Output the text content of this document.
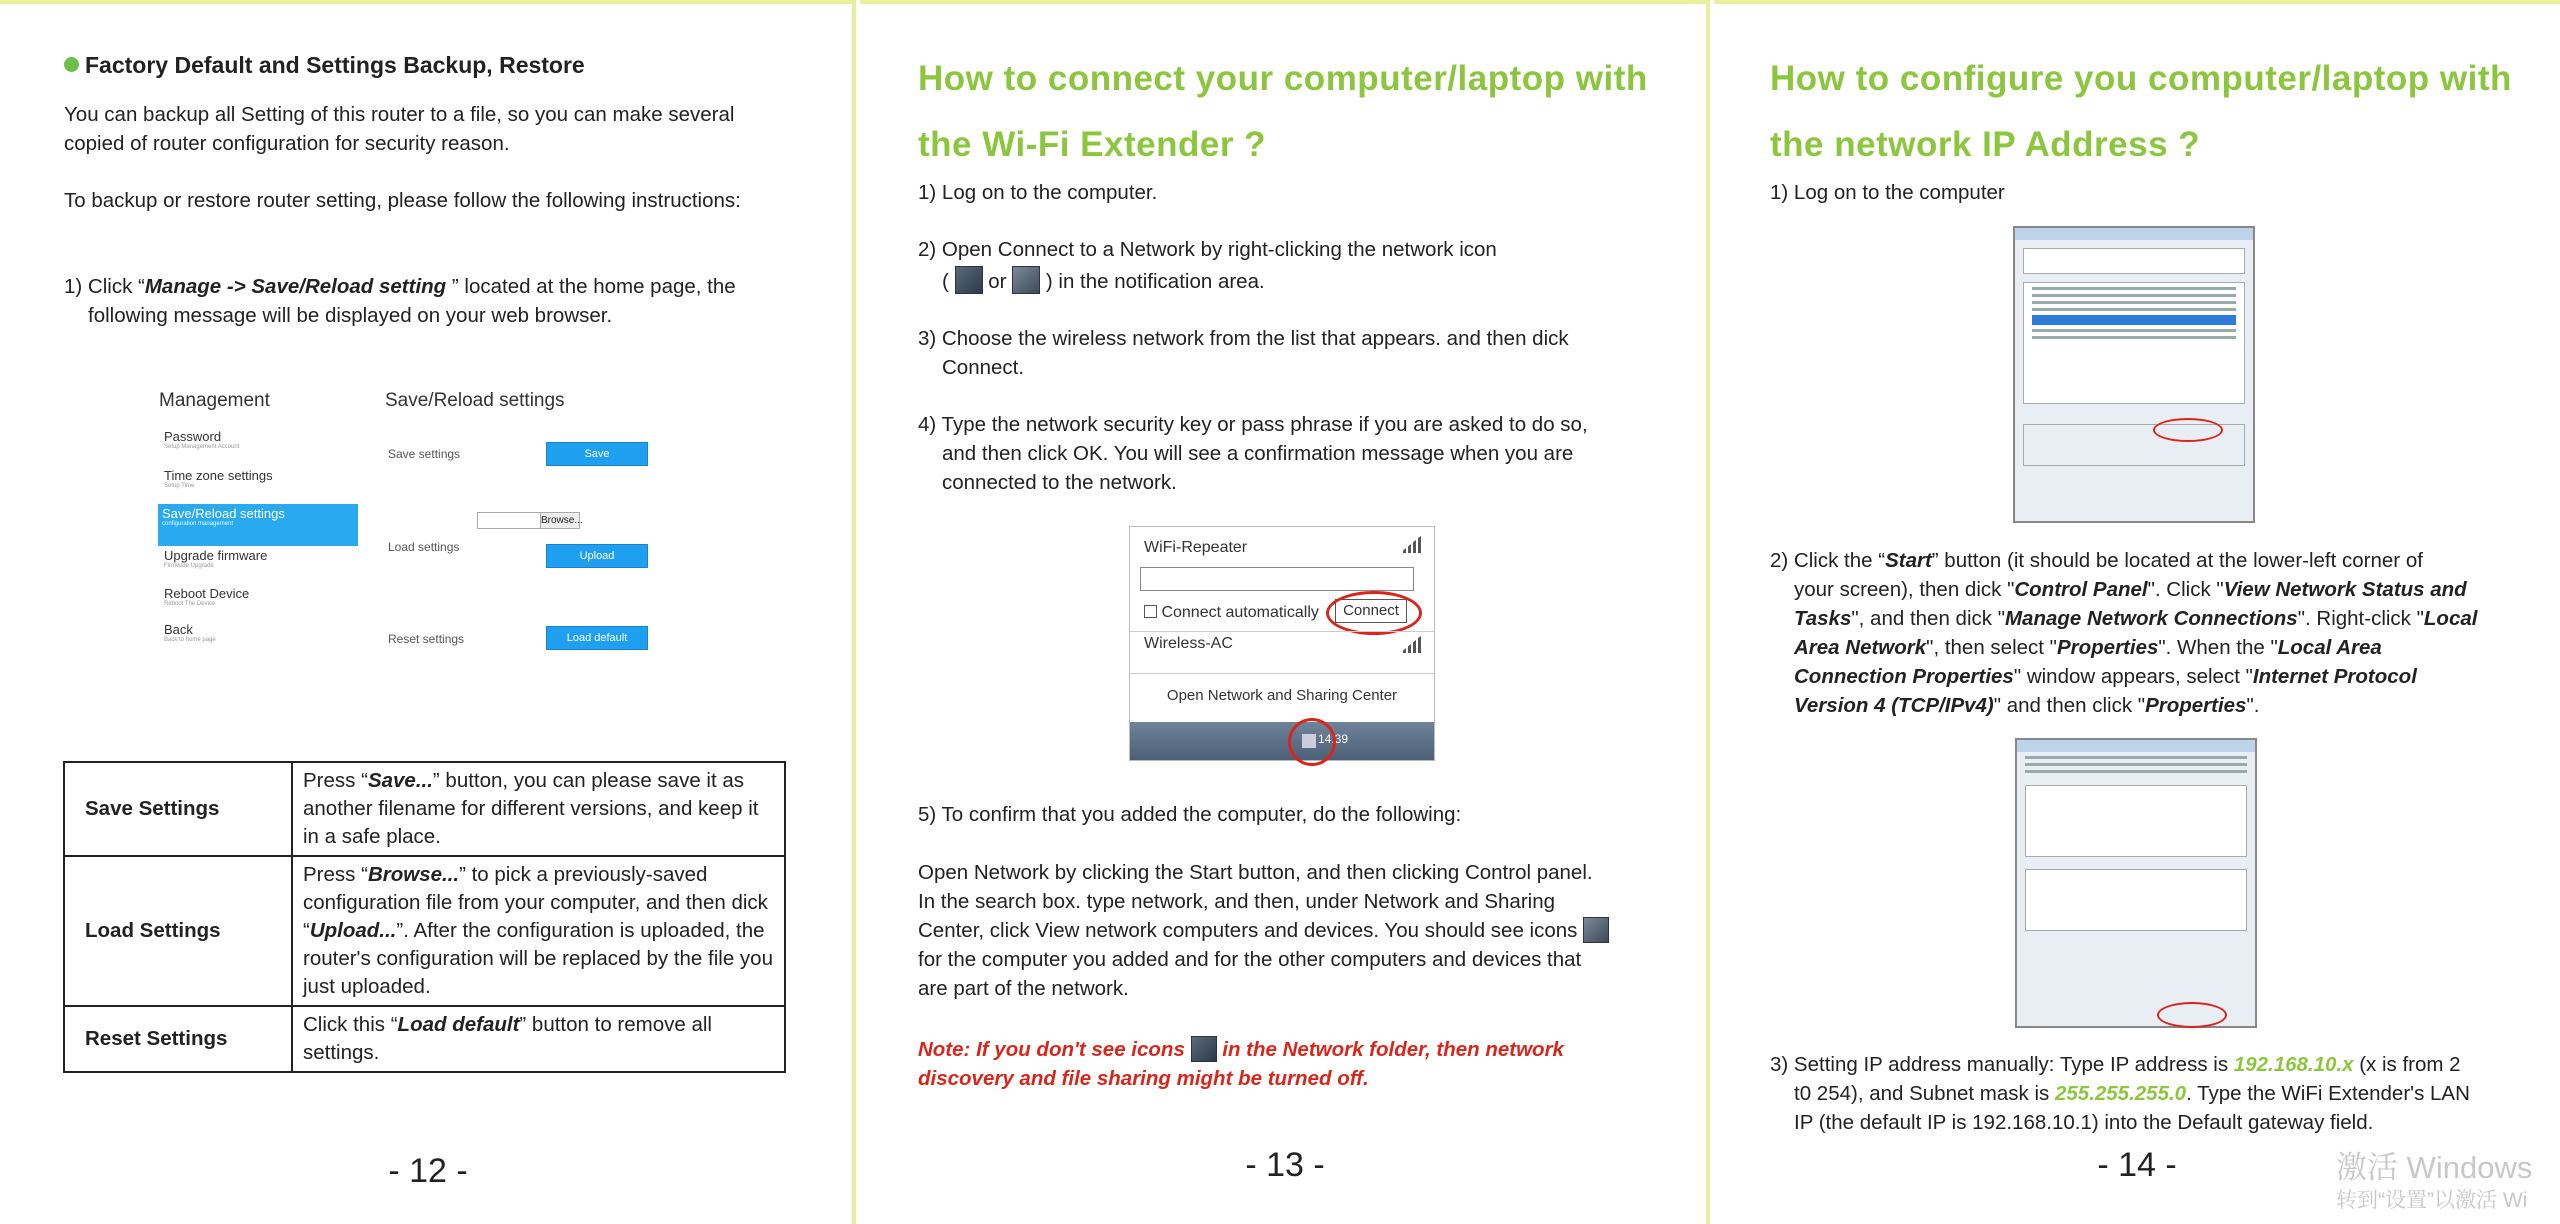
Factory Default and Settings Backup, Restore
You can backup all Setting of this router to a file, so you can make several
copied of router configuration for security reason.
To backup or restore router setting, please follow the following instructions:
1) Click “Manage -> Save/Reload setting ” located at the home page, the
following message will be displayed on your web browser.
Management	Save/Reload settings
Password
Setup Management Account
Time zone settings
Setup Time
Save/Reload settings
configuration management
Upgrade firmware
Firmware Upgrade
Reboot Device
Reboot The Device
Back
Back to home page
Save settings	Save
Browse...
Load settings
Upload
Reset settings	Load default
Save Settings	Press “Save...” button, you can please save it as another filename for different versions, and keep it in a safe place.
Load Settings	Press “Browse...” to pick a previously-saved configuration file from your computer, and then dick “Upload...”. After the configuration is uploaded, the router's configuration will be replaced by the file you just uploaded.
Reset Settings	Click this “Load default” button to remove all settings.
- 12 -
How to connect your computer/laptop with
the Wi-Fi Extender ?
1) Log on to the computer.
2) Open Connect to a Network by right-clicking the network icon
( or ) in the notification area.
3) Choose the wireless network from the list that appears. and then dick
Connect.
4) Type the network security key or pass phrase if you are asked to do so,
and then click OK. You will see a confirmation message when you are
connected to the network.
WiFi-Repeater
Connect automatically	Connect
Wireless-AC
Open Network and Sharing Center
14:39
5) To confirm that you added the computer, do the following:
Open Network by clicking the Start button, and then clicking Control panel.
In the search box. type network, and then, under Network and Sharing
Center, click View network computers and devices. You should see icons
for the computer you added and for the other computers and devices that
are part of the network.
Note: If you don't see icons in the Network folder, then network
discovery and file sharing might be turned off.
- 13 -
How to configure you computer/laptop with
the network IP Address ?
1) Log on to the computer
2) Click the “Start” button (it should be located at the lower-left corner of
your screen), then dick "Control Panel". Click "View Network Status and
Tasks", and then dick "Manage Network Connections". Right-click "Local
Area Network", then select "Properties". When the "Local Area
Connection Properties" window appears, select "Internet Protocol
Version 4 (TCP/IPv4)" and then click "Properties".
3) Setting IP address manually: Type IP address is 192.168.10.x (x is from 2
t0 254), and Subnet mask is 255.255.255.0. Type the WiFi Extender's LAN
IP (the default IP is 192.168.10.1) into the Default gateway field.
- 14 -	激活 Windows
转到“设置”以激活 Wi
